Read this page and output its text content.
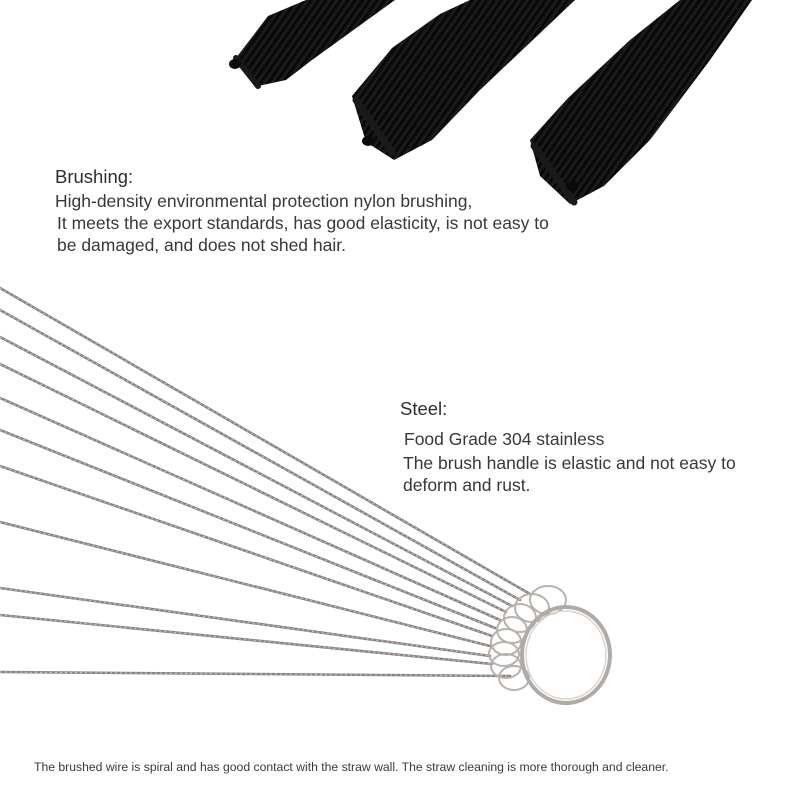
Brushing:
High-density environmental protection nylon brushing,
It meets the export standards, has good elasticity, is not easy to
be damaged, and does not shed hair.
Steel:
Food Grade 304 stainless
The brush handle is elastic and not easy to
deform and rust.
The brushed wire is spiral and has good contact with the straw wall. The straw cleaning is more thorough and cleaner.
